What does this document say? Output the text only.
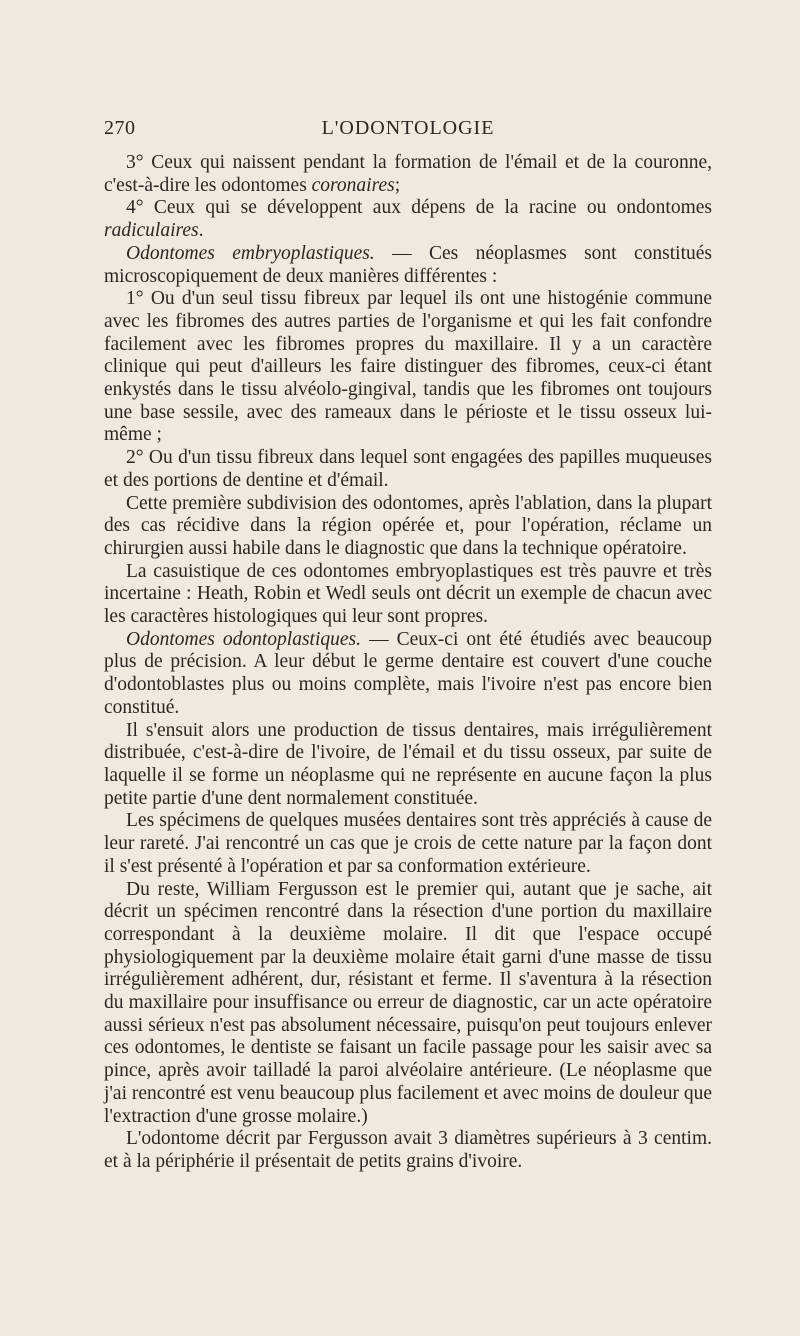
270	L'ODONTOLOGIE

3° Ceux qui naissent pendant la formation de l'émail et de la couronne, c'est-à-dire les odontomes coronaires;

4° Ceux qui se développent aux dépens de la racine ou ondontomes radiculaires.

Odontomes embryoplastiques. — Ces néoplasmes sont constitués microscopiquement de deux manières différentes :

1° Ou d'un seul tissu fibreux par lequel ils ont une histogénie commune avec les fibromes des autres parties de l'organisme et qui les fait confondre facilement avec les fibromes propres du maxillaire. Il y a un caractère clinique qui peut d'ailleurs les faire distinguer des fibromes, ceux-ci étant enkystés dans le tissu alvéolo-gingival, tandis que les fibromes ont toujours une base sessile, avec des rameaux dans le périoste et le tissu osseux lui-même ;

2° Ou d'un tissu fibreux dans lequel sont engagées des papilles muqueuses et des portions de dentine et d'émail.

Cette première subdivision des odontomes, après l'ablation, dans la plupart des cas récidive dans la région opérée et, pour l'opération, réclame un chirurgien aussi habile dans le diagnostic que dans la technique opératoire.

La casuistique de ces odontomes embryoplastiques est très pauvre et très incertaine : Heath, Robin et Wedl seuls ont décrit un exemple de chacun avec les caractères histologiques qui leur sont propres.

Odontomes odontoplastiques. — Ceux-ci ont été étudiés avec beaucoup plus de précision. A leur début le germe dentaire est couvert d'une couche d'odontoblastes plus ou moins complète, mais l'ivoire n'est pas encore bien constitué.

Il s'ensuit alors une production de tissus dentaires, mais irrégulièrement distribuée, c'est-à-dire de l'ivoire, de l'émail et du tissu osseux, par suite de laquelle il se forme un néoplasme qui ne représente en aucune façon la plus petite partie d'une dent normalement constituée.

Les spécimens de quelques musées dentaires sont très appréciés à cause de leur rareté. J'ai rencontré un cas que je crois de cette nature par la façon dont il s'est présenté à l'opération et par sa conformation extérieure.

Du reste, William Fergusson est le premier qui, autant que je sache, ait décrit un spécimen rencontré dans la résection d'une portion du maxillaire correspondant à la deuxième molaire. Il dit que l'espace occupé physiologiquement par la deuxième molaire était garni d'une masse de tissu irrégulièrement adhérent, dur, résistant et ferme. Il s'aventura à la résection du maxillaire pour insuffisance ou erreur de diagnostic, car un acte opératoire aussi sérieux n'est pas absolument nécessaire, puisqu'on peut toujours enlever ces odontomes, le dentiste se faisant un facile passage pour les saisir avec sa pince, après avoir tailladé la paroi alvéolaire antérieure. (Le néoplasme que j'ai rencontré est venu beaucoup plus facilement et avec moins de douleur que l'extraction d'une grosse molaire.)

L'odontome décrit par Fergusson avait 3 diamètres supérieurs à 3 centim. et à la périphérie il présentait de petits grains d'ivoire.
